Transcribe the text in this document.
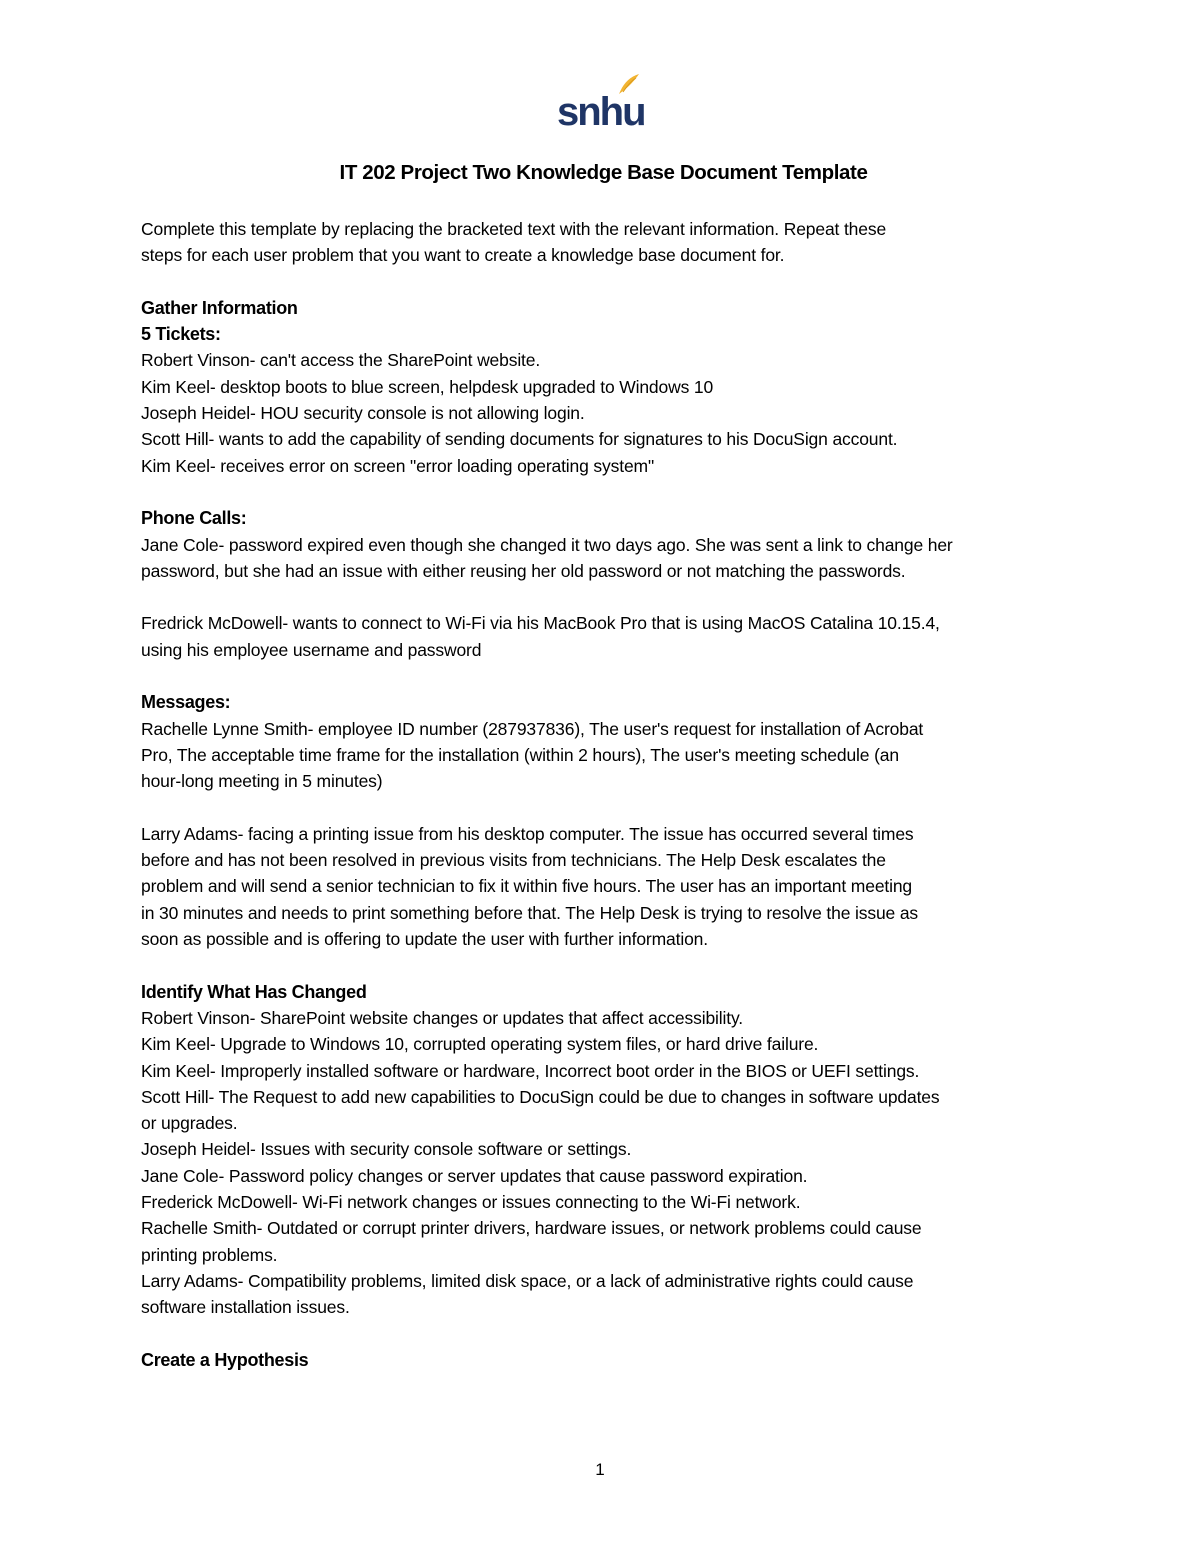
snhu
IT 202 Project Two Knowledge Base Document Template

Complete this template by replacing the bracketed text with the relevant information. Repeat these

steps for each user problem that you want to create a knowledge base document for.

Gather Information

5 Tickets:

Robert Vinson- can't access the SharePoint website.

Kim Keel- desktop boots to blue screen, helpdesk upgraded to Windows 10

Joseph Heidel- HOU security console is not allowing login.

Scott Hill- wants to add the capability of sending documents for signatures to his DocuSign account.

Kim Keel- receives error on screen "error loading operating system"

Phone Calls:

Jane Cole- password expired even though she changed it two days ago. She was sent a link to change her

password, but she had an issue with either reusing her old password or not matching the passwords.

Fredrick McDowell- wants to connect to Wi-Fi via his MacBook Pro that is using MacOS Catalina 10.15.4,

using his employee username and password

Messages:

Rachelle Lynne Smith- employee ID number (287937836), The user's request for installation of Acrobat

Pro, The acceptable time frame for the installation (within 2 hours), The user's meeting schedule (an

hour-long meeting in 5 minutes)

Larry Adams- facing a printing issue from his desktop computer. The issue has occurred several times

before and has not been resolved in previous visits from technicians. The Help Desk escalates the

problem and will send a senior technician to fix it within five hours. The user has an important meeting

in 30 minutes and needs to print something before that. The Help Desk is trying to resolve the issue as

soon as possible and is offering to update the user with further information.

Identify What Has Changed

Robert Vinson- SharePoint website changes or updates that affect accessibility.

Kim Keel- Upgrade to Windows 10, corrupted operating system files, or hard drive failure.

Kim Keel- Improperly installed software or hardware, Incorrect boot order in the BIOS or UEFI settings.

Scott Hill- The Request to add new capabilities to DocuSign could be due to changes in software updates

or upgrades.

Joseph Heidel- Issues with security console software or settings.

Jane Cole- Password policy changes or server updates that cause password expiration.

Frederick McDowell- Wi-Fi network changes or issues connecting to the Wi-Fi network.

Rachelle Smith- Outdated or corrupt printer drivers, hardware issues, or network problems could cause

printing problems.

Larry Adams- Compatibility problems, limited disk space, or a lack of administrative rights could cause

software installation issues.

Create a Hypothesis

1
